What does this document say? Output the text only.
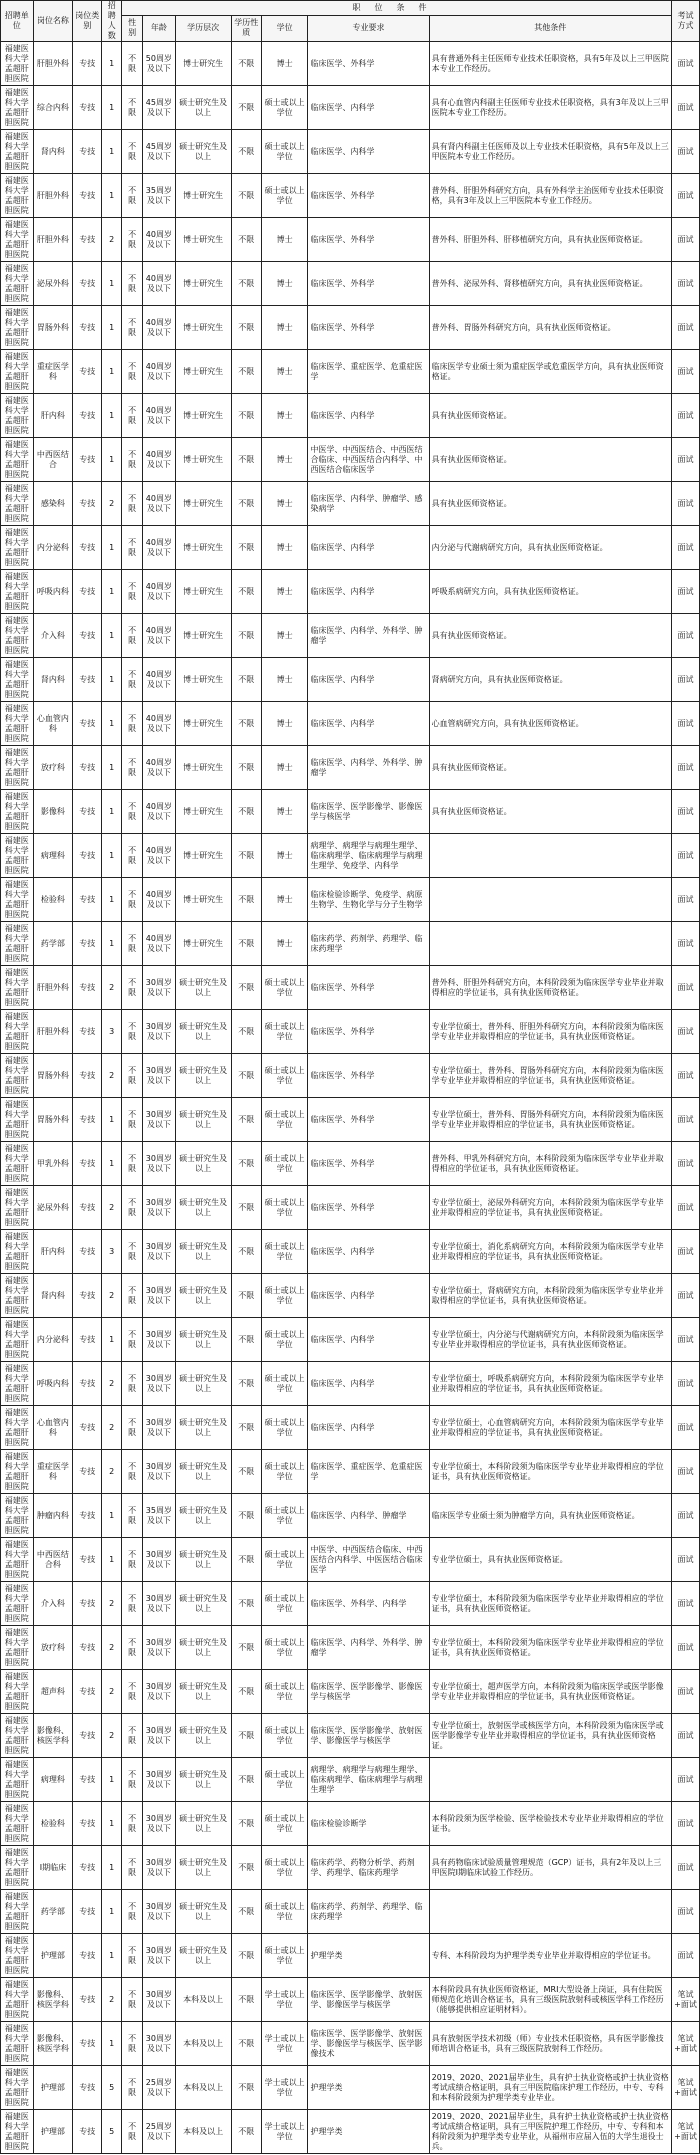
招聘单位	岗位名称	岗位类别	招聘人数	职位条件							考试方式
				性别	年龄	学历层次	学历性质	学位	专业要求	其他条件	
福建医科大学孟超肝胆医院	肝胆外科	专技	1	不限	50周岁及以下	博士研究生	不限	博士	临床医学、外科学	具有普通外科主任医师专业技术任职资格，具有5年及以上三甲医院本专业工作经历。	面试
福建医科大学孟超肝胆医院	综合内科	专技	1	不限	45周岁及以下	硕士研究生及以上	不限	硕士或以上学位	临床医学、内科学	具有心血管内科副主任医师专业技术任职资格，具有3年及以上三甲医院本专业工作经历。	面试
福建医科大学孟超肝胆医院	肾内科	专技	1	不限	45周岁及以下	硕士研究生及以上	不限	硕士或以上学位	临床医学、内科学	具有肾内科副主任医师及以上专业技术任职资格，具有5年及以上三甲医院本专业工作经历。	面试
福建医科大学孟超肝胆医院	肝胆外科	专技	1	不限	35周岁及以下	博士研究生	不限	硕士或以上学位	临床医学、外科学	普外科、肝胆外科研究方向，具有外科学主治医师专业技术任职资格，具有3年及以上三甲医院本专业工作经历。	面试
福建医科大学孟超肝胆医院	肝胆外科	专技	2	不限	40周岁及以下	博士研究生	不限	博士	临床医学、外科学	普外科、肝胆外科、肝移植研究方向，具有执业医师资格证。	面试
福建医科大学孟超肝胆医院	泌尿外科	专技	1	不限	40周岁及以下	博士研究生	不限	博士	临床医学、外科学	普外科、泌尿外科、肾移植研究方向，具有执业医师资格证。	面试
福建医科大学孟超肝胆医院	胃肠外科	专技	1	不限	40周岁及以下	博士研究生	不限	博士	临床医学、外科学	普外科、胃肠外科研究方向，具有执业医师资格证。	面试
福建医科大学孟超肝胆医院	重症医学科	专技	1	不限	40周岁及以下	博士研究生	不限	博士	临床医学、重症医学、危重症医学	临床医学专业硕士须为重症医学或危重医学方向，具有执业医师资格证。	面试
福建医科大学孟超肝胆医院	肝内科	专技	1	不限	40周岁及以下	博士研究生	不限	博士	临床医学、内科学	具有执业医师资格证。	面试
福建医科大学孟超肝胆医院	中西医结合	专技	1	不限	40周岁及以下	博士研究生	不限	博士	中医学、中西医结合、中西医结合临床、中西医结合内科学、中西医结合临床医学	具有执业医师资格证。	面试
福建医科大学孟超肝胆医院	感染科	专技	2	不限	40周岁及以下	博士研究生	不限	博士	临床医学、内科学、肿瘤学、感染病学	具有执业医师资格证。	面试
福建医科大学孟超肝胆医院	内分泌科	专技	1	不限	40周岁及以下	博士研究生	不限	博士	临床医学、内科学	内分泌与代谢病研究方向，具有执业医师资格证。	面试
福建医科大学孟超肝胆医院	呼吸内科	专技	1	不限	40周岁及以下	博士研究生	不限	博士	临床医学、内科学	呼吸系病研究方向，具有执业医师资格证。	面试
福建医科大学孟超肝胆医院	介入科	专技	1	不限	40周岁及以下	博士研究生	不限	博士	临床医学、内科学、外科学、肿瘤学	具有执业医师资格证。	面试
福建医科大学孟超肝胆医院	肾内科	专技	1	不限	40周岁及以下	博士研究生	不限	博士	临床医学、内科学	肾病研究方向，具有执业医师资格证。	面试
福建医科大学孟超肝胆医院	心血管内科	专技	1	不限	40周岁及以下	博士研究生	不限	博士	临床医学、内科学	心血管病研究方向，具有执业医师资格证。	面试
福建医科大学孟超肝胆医院	放疗科	专技	1	不限	40周岁及以下	博士研究生	不限	博士	临床医学、内科学、外科学、肿瘤学	具有执业医师资格证。	面试
福建医科大学孟超肝胆医院	影像科	专技	1	不限	40周岁及以下	博士研究生	不限	博士	临床医学、医学影像学、影像医学与核医学	具有执业医师资格证。	面试
福建医科大学孟超肝胆医院	病理科	专技	1	不限	40周岁及以下	博士研究生	不限	博士	病理学、病理学与病理生理学、临床病理学、临床病理学与病理生理学、免疫学、内科学		面试
福建医科大学孟超肝胆医院	检验科	专技	1	不限	40周岁及以下	博士研究生	不限	博士	临床检验诊断学、免疫学、病原生物学、生物化学与分子生物学		面试
福建医科大学孟超肝胆医院	药学部	专技	1	不限	40周岁及以下	博士研究生	不限	博士	临床药学、药剂学、药理学、临床药理学		面试
福建医科大学孟超肝胆医院	肝胆外科	专技	2	不限	30周岁及以下	硕士研究生及以上	不限	硕士或以上学位	临床医学、外科学	普外科、肝胆外科研究方向，本科阶段须为临床医学专业毕业并取得相应的学位证书，具有执业医师资格证。	面试
福建医科大学孟超肝胆医院	肝胆外科	专技	3	不限	30周岁及以下	硕士研究生及以上	不限	硕士或以上学位	临床医学、外科学	专业学位硕士，普外科、肝胆外科研究方向，本科阶段须为临床医学专业毕业并取得相应的学位证书，具有执业医师资格证。	面试
福建医科大学孟超肝胆医院	胃肠外科	专技	2	不限	30周岁及以下	硕士研究生及以上	不限	硕士或以上学位	临床医学、外科学	专业学位硕士，普外科、胃肠外科研究方向，本科阶段须为临床医学专业毕业并取得相应的学位证书，具有执业医师资格证。	面试
福建医科大学孟超肝胆医院	胃肠外科	专技	1	不限	30周岁及以下	硕士研究生及以上	不限	硕士或以上学位	临床医学、外科学	专业学位硕士，普外科、胃肠外科研究方向，本科阶段须为临床医学专业毕业并取得相应的学位证书，具有执业医师资格证。	面试
福建医科大学孟超肝胆医院	甲乳外科	专技	1	不限	30周岁及以下	硕士研究生及以上	不限	硕士或以上学位	临床医学、外科学	普外科、甲乳外科研究方向，本科阶段须为临床医学专业毕业并取得相应的学位证书，具有执业医师资格证。	面试
福建医科大学孟超肝胆医院	泌尿外科	专技	2	不限	30周岁及以下	硕士研究生及以上	不限	硕士或以上学位	临床医学、外科学	专业学位硕士，泌尿外科研究方向，本科阶段须为临床医学专业毕业并取得相应的学位证书，具有执业医师资格证。	面试
福建医科大学孟超肝胆医院	肝内科	专技	3	不限	30周岁及以下	硕士研究生及以上	不限	硕士或以上学位	临床医学、内科学	专业学位硕士，消化系病研究方向，本科阶段须为临床医学专业毕业并取得相应的学位证书，具有执业医师资格证。	面试
福建医科大学孟超肝胆医院	肾内科	专技	2	不限	30周岁及以下	硕士研究生及以上	不限	硕士或以上学位	临床医学、内科学	专业学位硕士，肾病研究方向，本科阶段须为临床医学专业毕业并取得相应的学位证书，具有执业医师资格证。	面试
福建医科大学孟超肝胆医院	内分泌科	专技	1	不限	30周岁及以下	硕士研究生及以上	不限	硕士或以上学位	临床医学、内科学	专业学位硕士，内分泌与代谢病研究方向，本科阶段须为临床医学专业毕业并取得相应的学位证书，具有执业医师资格证。	面试
福建医科大学孟超肝胆医院	呼吸内科	专技	2	不限	30周岁及以下	硕士研究生及以上	不限	硕士或以上学位	临床医学、内科学	专业学位硕士，呼吸系病研究方向，本科阶段须为临床医学专业毕业并取得相应的学位证书，具有执业医师资格证。	面试
福建医科大学孟超肝胆医院	心血管内科	专技	2	不限	30周岁及以下	硕士研究生及以上	不限	硕士或以上学位	临床医学、内科学	专业学位硕士，心血管病研究方向，本科阶段须为临床医学专业毕业并取得相应的学位证书，具有执业医师资格证。	面试
福建医科大学孟超肝胆医院	重症医学科	专技	2	不限	30周岁及以下	硕士研究生及以上	不限	硕士或以上学位	临床医学、重症医学、危重症医学	专业学位硕士，本科阶段须为临床医学专业毕业并取得相应的学位证书，具有执业医师资格证。	面试
福建医科大学孟超肝胆医院	肿瘤内科	专技	1	不限	35周岁及以下	硕士研究生及以上	不限	硕士或以上学位	临床医学、内科学、肿瘤学	临床医学专业硕士须为肿瘤学方向，具有执业医师资格证。	面试
福建医科大学孟超肝胆医院	中西医结合科	专技	1	不限	30周岁及以下	硕士研究生及以上	不限	硕士或以上学位	中医学、中西医结合临床、中西医结合内科学、中医医结合临床医学	专业学位硕士，具有执业医师资格证。	面试
福建医科大学孟超肝胆医院	介入科	专技	2	不限	30周岁及以下	硕士研究生及以上	不限	硕士或以上学位	临床医学、外科学、内科学	专业学位硕士，本科阶段须为临床医学专业毕业并取得相应的学位证书，具有执业医师资格证。	面试
福建医科大学孟超肝胆医院	放疗科	专技	2	不限	30周岁及以下	硕士研究生及以上	不限	硕士或以上学位	临床医学、内科学、外科学、肿瘤学	专业学位硕士，本科阶段须为临床医学专业毕业并取得相应的学位证书，具有执业医师资格证。	面试
福建医科大学孟超肝胆医院	超声科	专技	2	不限	30周岁及以下	硕士研究生及以上	不限	硕士或以上学位	临床医学、医学影像学、影像医学与核医学	专业学位硕士，超声医学方向，本科阶段须为临床医学或医学影像学专业毕业并取得相应的学位证书，具有执业医师资格证。	面试
福建医科大学孟超肝胆医院	影像科、核医学科	专技	2	不限	30周岁及以下	硕士研究生及以上	不限	硕士或以上学位	临床医学、医学影像学、放射医学、影像医学与核医学	专业学位硕士，放射医学或核医学方向，本科阶段须为临床医学或医学影像学专业毕业并取得相应的学位证书，具有执业医师资格证。	面试
福建医科大学孟超肝胆医院	病理科	专技	1	不限	30周岁及以下	硕士研究生及以上	不限	硕士或以上学位	病理学、病理学与病理生理学、临床病理学、临床病理学与病理生理学		面试
福建医科大学孟超肝胆医院	检验科	专技	1	不限	30周岁及以下	硕士研究生及以上	不限	硕士或以上学位	临床检验诊断学	本科阶段须为医学检验、医学检验技术专业毕业并取得相应的学位证书。	面试
福建医科大学孟超肝胆医院	I期临床	专技	1	不限	30周岁及以下	硕士研究生及以上	不限	硕士或以上学位	临床药学、药物分析学、药剂学、药理学、临床药理学	具有药物临床试验质量管理规范（GCP）证书，具有2年及以上三甲医院I期临床试验工作经历。	面试
福建医科大学孟超肝胆医院	药学部	专技	1	不限	30周岁及以下	硕士研究生及以上	不限	硕士或以上学位	临床药学、药剂学、药理学、临床药理学		面试
福建医科大学孟超肝胆医院	护理部	专技	1	不限	30周岁及以下	硕士研究生及以上	不限	硕士或以上学位	护理学类	专科、本科阶段均为护理学类专业毕业并取得相应的学位证书。	面试
福建医科大学孟超肝胆医院	影像科、核医学科	专技	2	不限	30周岁及以下	本科及以上	不限	学士或以上学位	临床医学、医学影像学、放射医学、影像医学与核医学	本科阶段具有执业医师资格证，MRI大型设备上岗证，具有住院医师规范化培训合格证书，具有三级医院放射科或核医学科工作经历（能够提供相应证明材料）。	笔试+面试
福建医科大学孟超肝胆医院	影像科、核医学科	专技	1	不限	30周岁及以下	本科及以上	不限	学士或以上学位	临床医学、医学影像学、放射医学、影像医学与核医学、医学影像技术	具有放射医学技术初级（师）专业技术任职资格，具有医学影像技师培训合格证书，具有三级医院放射科工作经历。	笔试+面试
福建医科大学孟超肝胆医院	护理部	专技	5	不限	25周岁及以下	本科及以上	不限	学士或以上学位	护理学类	2019、2020、2021届毕业生，具有护士执业资格或护士执业资格考试成绩合格证明，具有三甲医院临床护理工作经历，中专、专科和本科阶段须为护理学类专业毕业。	笔试+面试
福建医科大学孟超肝胆医院	护理部	专技	5	不限	25周岁及以下	本科及以上	不限	学士或以上学位	护理学类	2019、2020、2021届毕业生，具有护士执业资格或护士执业资格考试成绩合格证明，具有三甲医院护理工作经历，中专、专科和本科阶段须为护理学类专业毕业，从福州市应届入伍的大学生退役士兵。	笔试+面试
